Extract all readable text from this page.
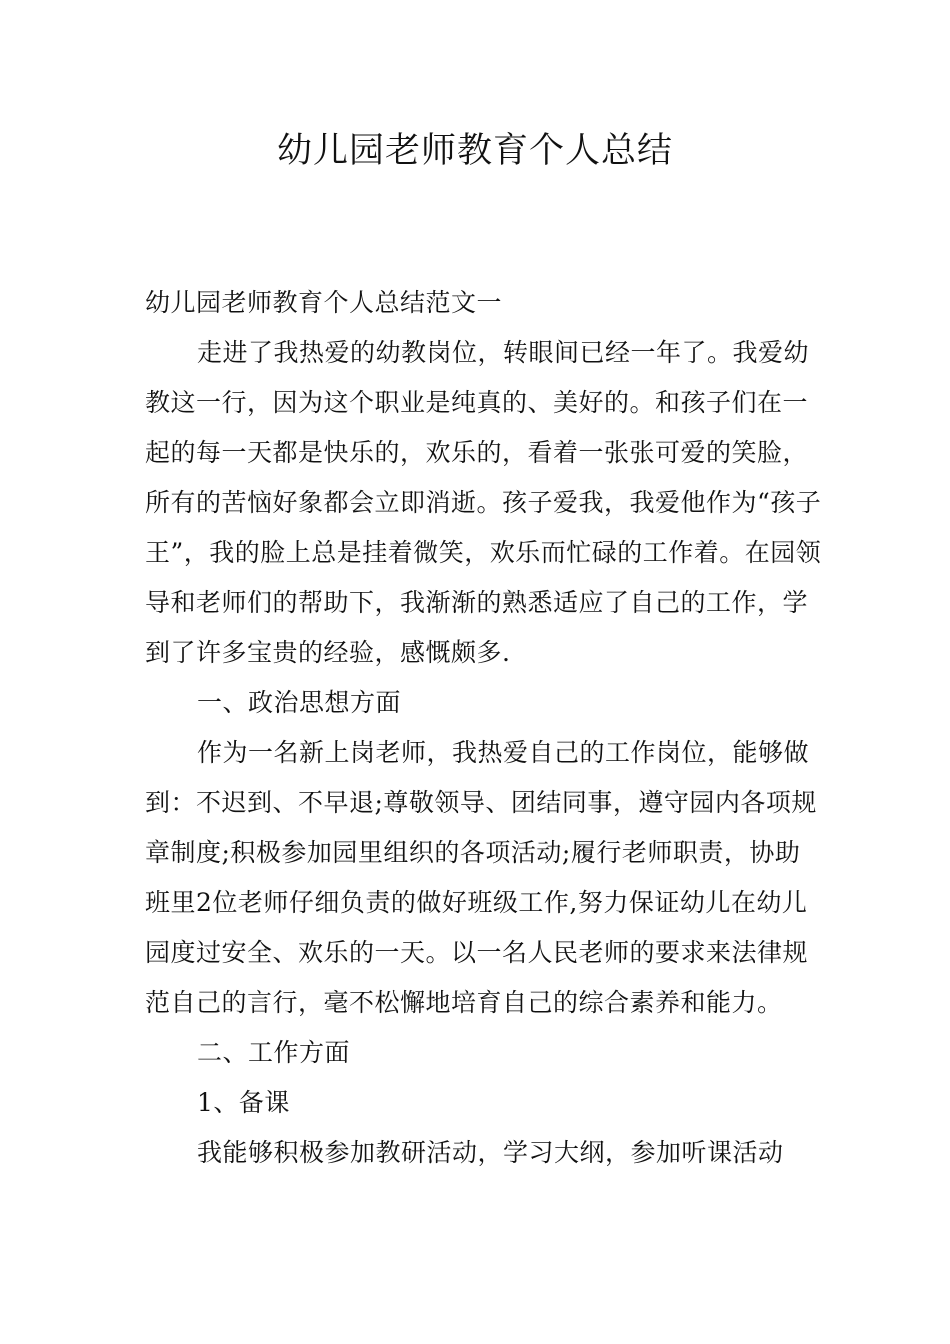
幼儿园老师教育个人总结

幼儿园老师教育个人总结范文一

走进了我热爱的幼教岗位，转眼间已经一年了。我爱幼教这一行，因为这个职业是纯真的、美好的。和孩子们在一起的每一天都是快乐的，欢乐的，看着一张张可爱的笑脸，所有的苦恼好象都会立即消逝。孩子爱我，我爱他作为“孩子王”，我的脸上总是挂着微笑，欢乐而忙碌的工作着。在园领导和老师们的帮助下，我渐渐的熟悉适应了自己的工作，学到了许多宝贵的经验，感慨颇多.

一、政治思想方面

作为一名新上岗老师，我热爱自己的工作岗位，能够做到：不迟到、不早退;尊敬领导、团结同事，遵守园内各项规章制度;积极参加园里组织的各项活动;履行老师职责，协助班里2位老师仔细负责的做好班级工作,努力保证幼儿在幼儿园度过安全、欢乐的一天。以一名人民老师的要求来法律规范自己的言行，毫不松懈地培育自己的综合素养和能力。

二、工作方面

1、备课

我能够积极参加教研活动，学习大纲，参加听课活动
